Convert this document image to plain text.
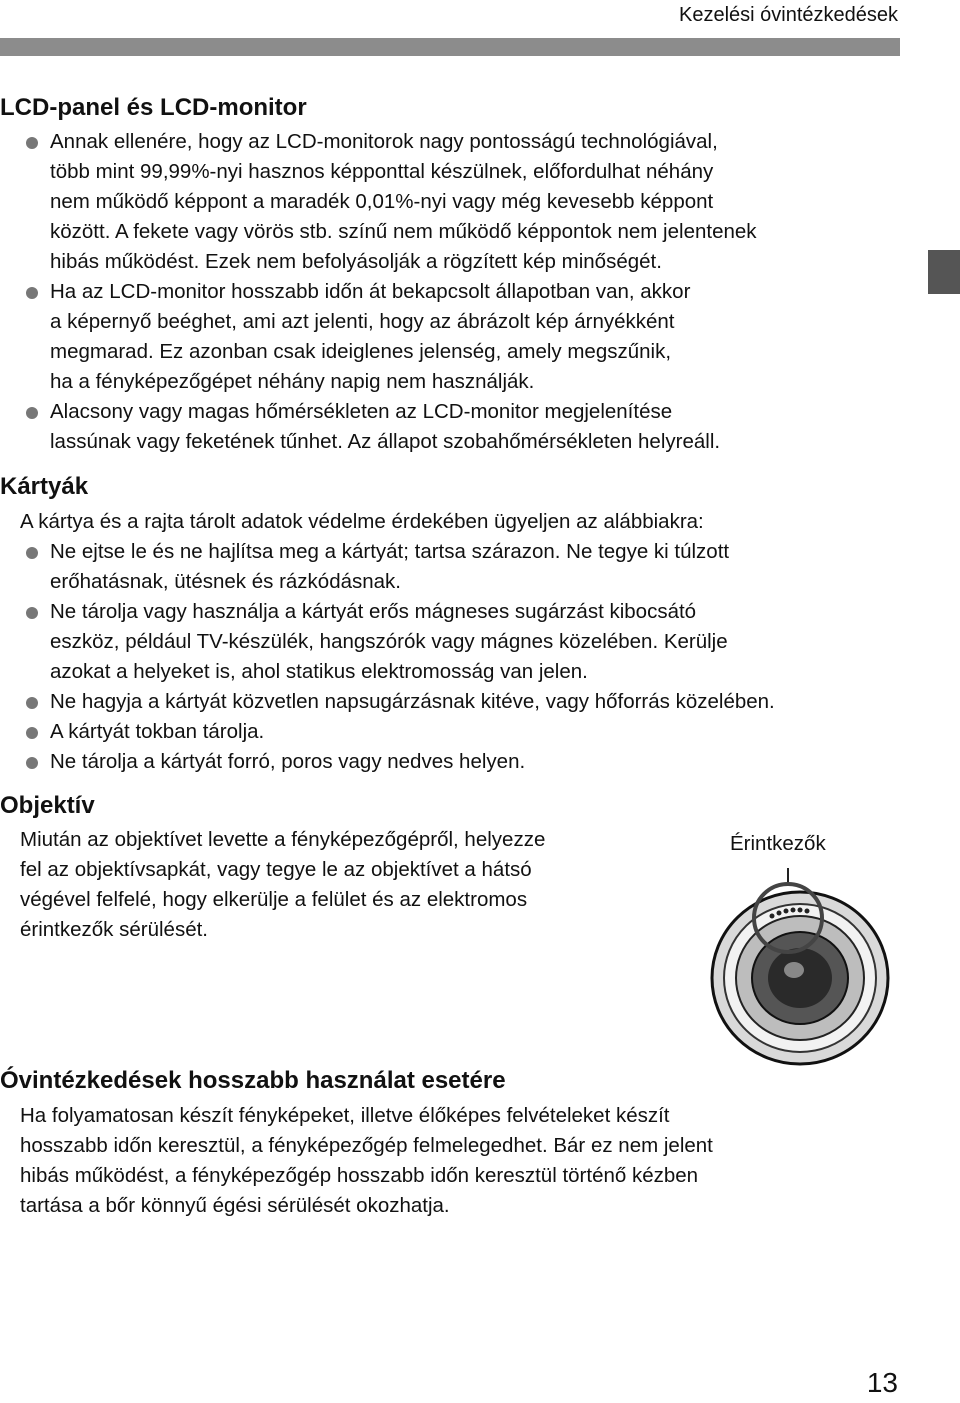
Kezelési óvintézkedések
LCD-panel és LCD-monitor
Annak ellenére, hogy az LCD-monitorok nagy pontosságú technológiával,
több mint 99,99%-nyi hasznos képponttal készülnek, előfordulhat néhány
nem működő képpont a maradék 0,01%-nyi vagy még kevesebb képpont
között. A fekete vagy vörös stb. színű nem működő képpontok nem jelentenek
hibás működést. Ezek nem befolyásolják a rögzített kép minőségét.
Ha az LCD-monitor hosszabb időn át bekapcsolt állapotban van, akkor
a képernyő beéghet, ami azt jelenti, hogy az ábrázolt kép árnyékként
megmarad. Ez azonban csak ideiglenes jelenség, amely megszűnik,
ha a fényképezőgépet néhány napig nem használják.
Alacsony vagy magas hőmérsékleten az LCD-monitor megjelenítése
lassúnak vagy feketének tűnhet. Az állapot szobahőmérsékleten helyreáll.
Kártyák
A kártya és a rajta tárolt adatok védelme érdekében ügyeljen az alábbiakra:
Ne ejtse le és ne hajlítsa meg a kártyát; tartsa szárazon. Ne tegye ki túlzott
erőhatásnak, ütésnek és rázkódásnak.
Ne tárolja vagy használja a kártyát erős mágneses sugárzást kibocsátó
eszköz, például TV-készülék, hangszórók vagy mágnes közelében. Kerülje
azokat a helyeket is, ahol statikus elektromosság van jelen.
Ne hagyja a kártyát közvetlen napsugárzásnak kitéve, vagy hőforrás közelében.
A kártyát tokban tárolja.
Ne tárolja a kártyát forró, poros vagy nedves helyen.
Objektív
Miután az objektívet levette a fényképezőgépről, helyezze
fel az objektívsapkát, vagy tegye le az objektívet a hátsó
végével felfelé, hogy elkerülje a felület és az elektromos
érintkezők sérülését.
Érintkezők
Óvintézkedések hosszabb használat esetére
Ha folyamatosan készít fényképeket, illetve élőképes felvételeket készít
hosszabb időn keresztül, a fényképezőgép felmelegedhet. Bár ez nem jelent
hibás működést, a fényképezőgép hosszabb időn keresztül történő kézben
tartása a bőr könnyű égési sérülését okozhatja.
13
